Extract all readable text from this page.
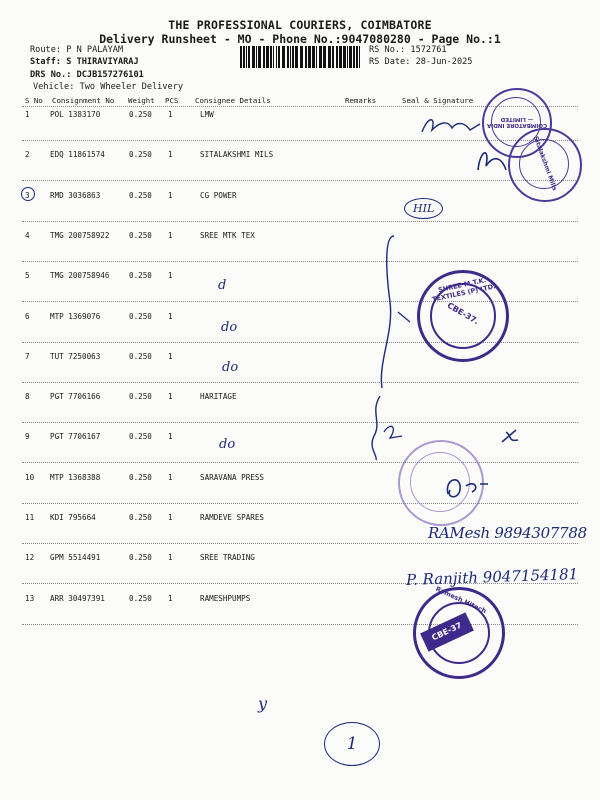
THE PROFESSIONAL COURIERS, COIMBATORE
Delivery Runsheet - MO - Phone No.:9047080280 - Page No.:1
Route: P N PALAYAM
Staff: S THIRAVIYARAJ
DRS No.: DCJB157276101
Vehicle: Two Wheeler Delivery
RS No.: 1572761
RS Date: 28-Jun-2025
S No Consignment No Weight PCS Consignee Details	Remarks	Seal & Signature
1	POL 1383170	0.250 1	LMW
2	EDQ 11861574	0.250 1	SITALAKSHMI MILS
3	RMD 3036863	0.250 1	CG POWER
4	TMG 200758922	0.250 1	SREE MTK TEX
5	TMG 200758946	0.250 1
6	MTP 1369076	0.250 1
7	TUT 7250063	0.250 1
8	PGT 7706166	0.250 1	HARITAGE
9	PGT 7706167	0.250 1
10 MTP 1368388	0.250 1	SARAVANA PRESS
11 KDI 795664	0.250 1	RAMDEVE SPARES
12 GPM 5514491	0.250 1	SREE TRADING
13 ARR 30497391	0.250 1	RAMESHPUMPS
COIMBATORE INDIA — LIMITED
Sitalakshmi Mills
SHREE M.T.K. TEXTILES (P) LTD.
CBE-37.
Ramesh Hitech
CBE-37
HIL
d
do
do
do
RAMesh 9894307788
P. Ranjith 9047154181
y
1
